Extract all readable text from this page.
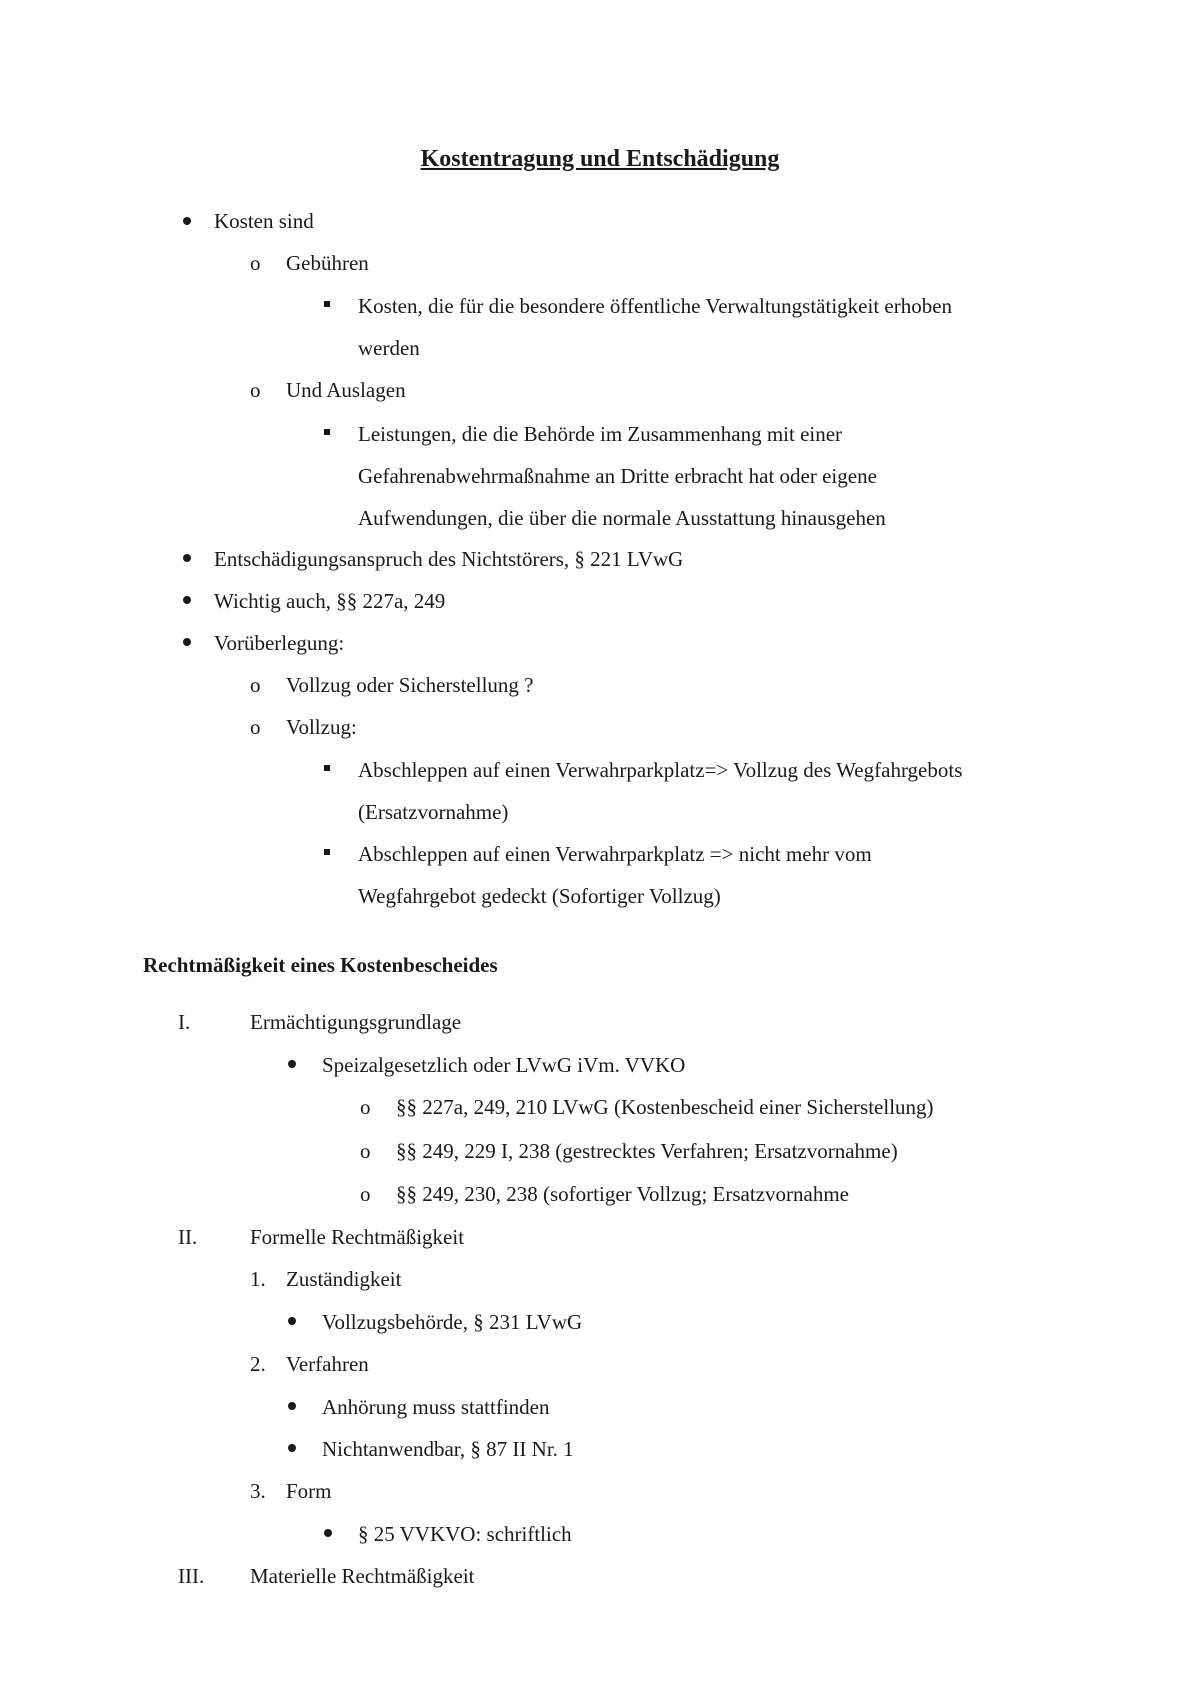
Kostentragung und Entschädigung
Kosten sind
o Gebühren
Kosten, die für die besondere öffentliche Verwaltungstätigkeit erhoben
werden
o Und Auslagen
Leistungen, die die Behörde im Zusammenhang mit einer
Gefahrenabwehrmaßnahme an Dritte erbracht hat oder eigene
Aufwendungen, die über die normale Ausstattung hinausgehen
Entschädigungsanspruch des Nichtstörers, § 221 LVwG
Wichtig auch, §§ 227a, 249
Vorüberlegung:
o Vollzug oder Sicherstellung ?
o Vollzug:
Abschleppen auf einen Verwahrparkplatz=> Vollzug des Wegfahrgebots
(Ersatzvornahme)
Abschleppen auf einen Verwahrparkplatz => nicht mehr vom
Wegfahrgebot gedeckt (Sofortiger Vollzug)
Rechtmäßigkeit eines Kostenbescheides
I.	Ermächtigungsgrundlage
Speizalgesetzlich oder LVwG iVm. VVKO
o §§ 227a, 249, 210 LVwG (Kostenbescheid einer Sicherstellung)
o §§ 249, 229 I, 238 (gestrecktes Verfahren; Ersatzvornahme)
o §§ 249, 230, 238 (sofortiger Vollzug; Ersatzvornahme
II.	Formelle Rechtmäßigkeit
1. Zuständigkeit
Vollzugsbehörde, § 231 LVwG
2. Verfahren
Anhörung muss stattfinden
Nichtanwendbar, § 87 II Nr. 1
3. Form
§ 25 VVKVO: schriftlich
III. Materielle Rechtmäßigkeit
